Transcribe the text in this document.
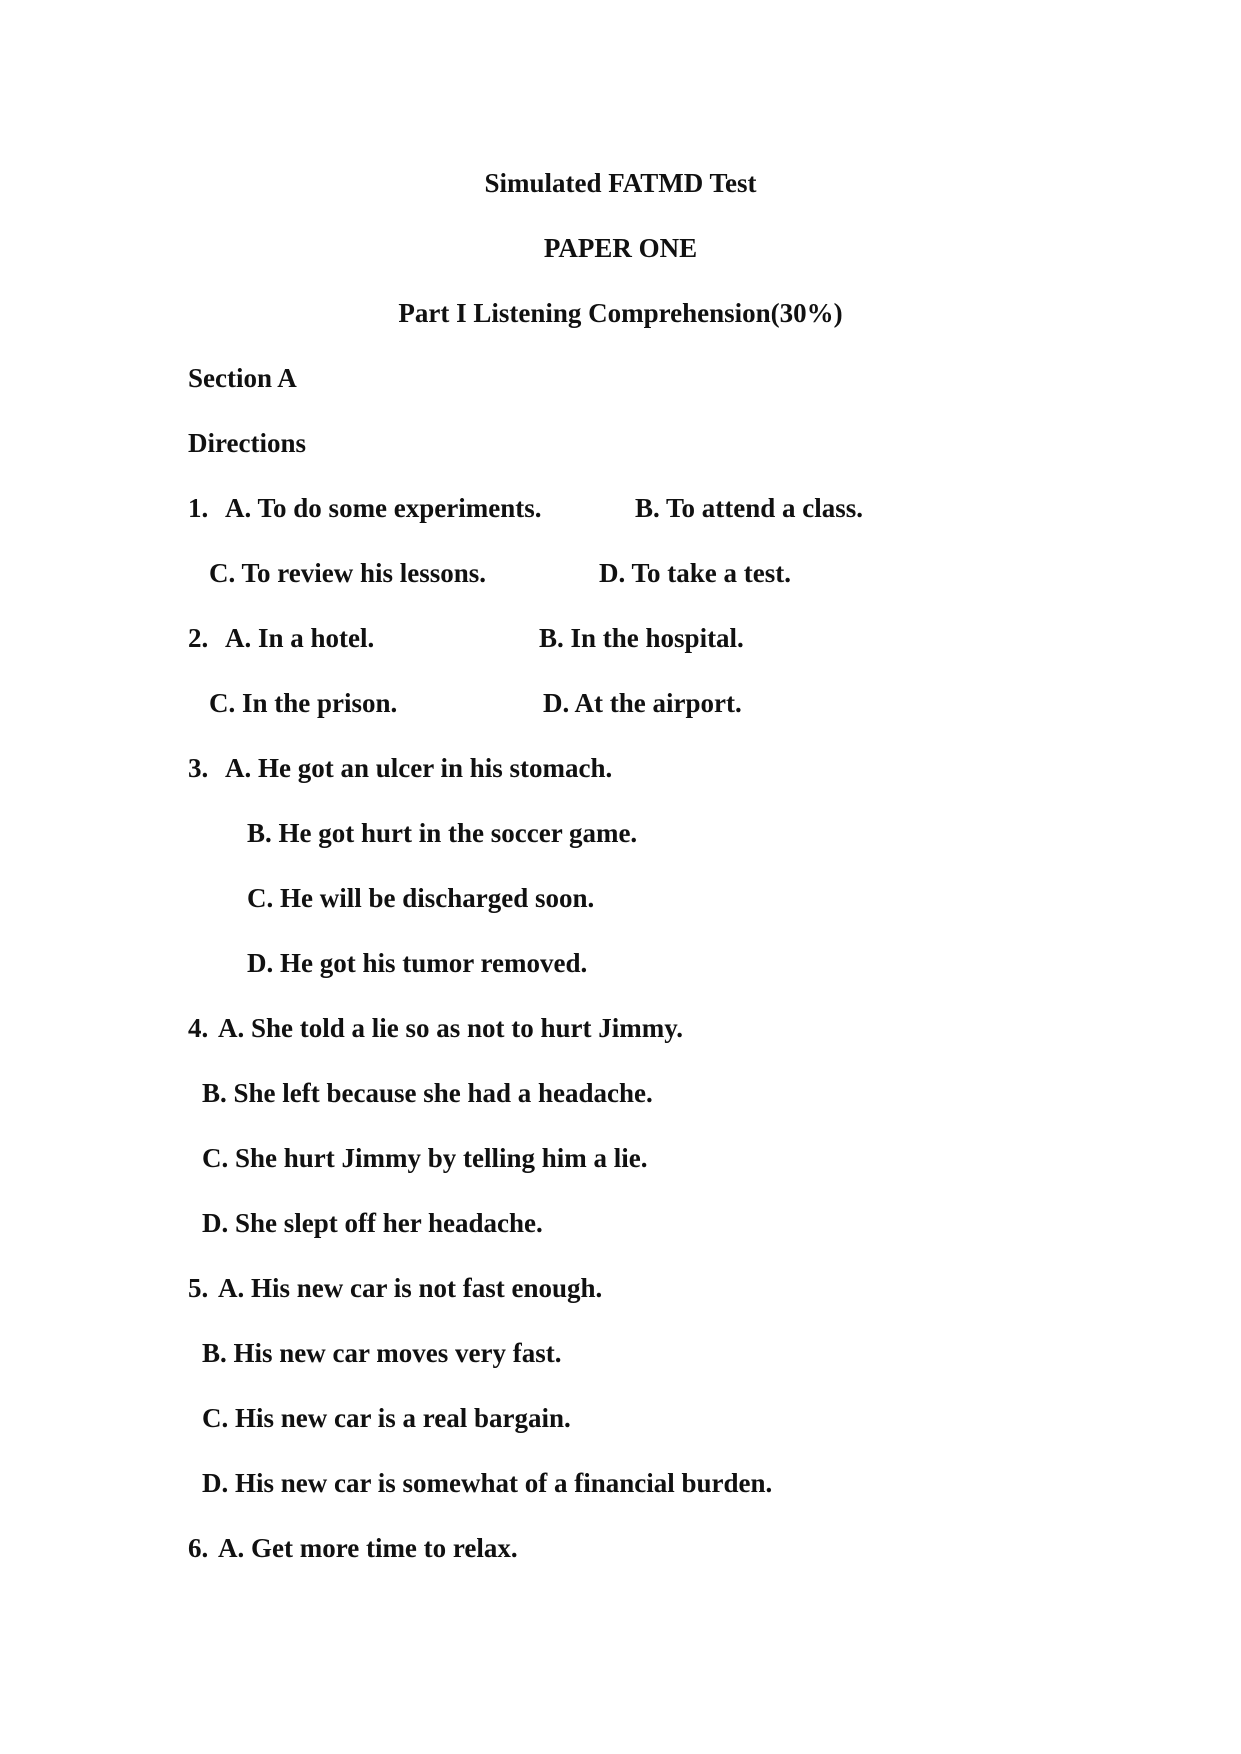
Simulated FATMD Test
PAPER ONE
Part I Listening Comprehension(30%)
Section A
Directions

1.

A. To do some experiments.

	B. To attend a class.

C. To review his lessons.

	D. To take a test.

2.

A. In a hotel.

	B. In the hospital.

C. In the prison.

	D. At the airport.

3.

A. He got an ulcer in his stomach.

B. He got hurt in the soccer game.
C. He will be discharged soon.
D. He got his tumor removed.

4.

A. She told a lie so as not to hurt Jimmy.

B. She left because she had a headache.
C. She hurt Jimmy by telling him a lie.
D. She slept off her headache.

5.

A. His new car is not fast enough.

B. His new car moves very fast.
C. His new car is a real bargain.
D. His new car is somewhat of a financial burden.

6.

A. Get more time to relax.
